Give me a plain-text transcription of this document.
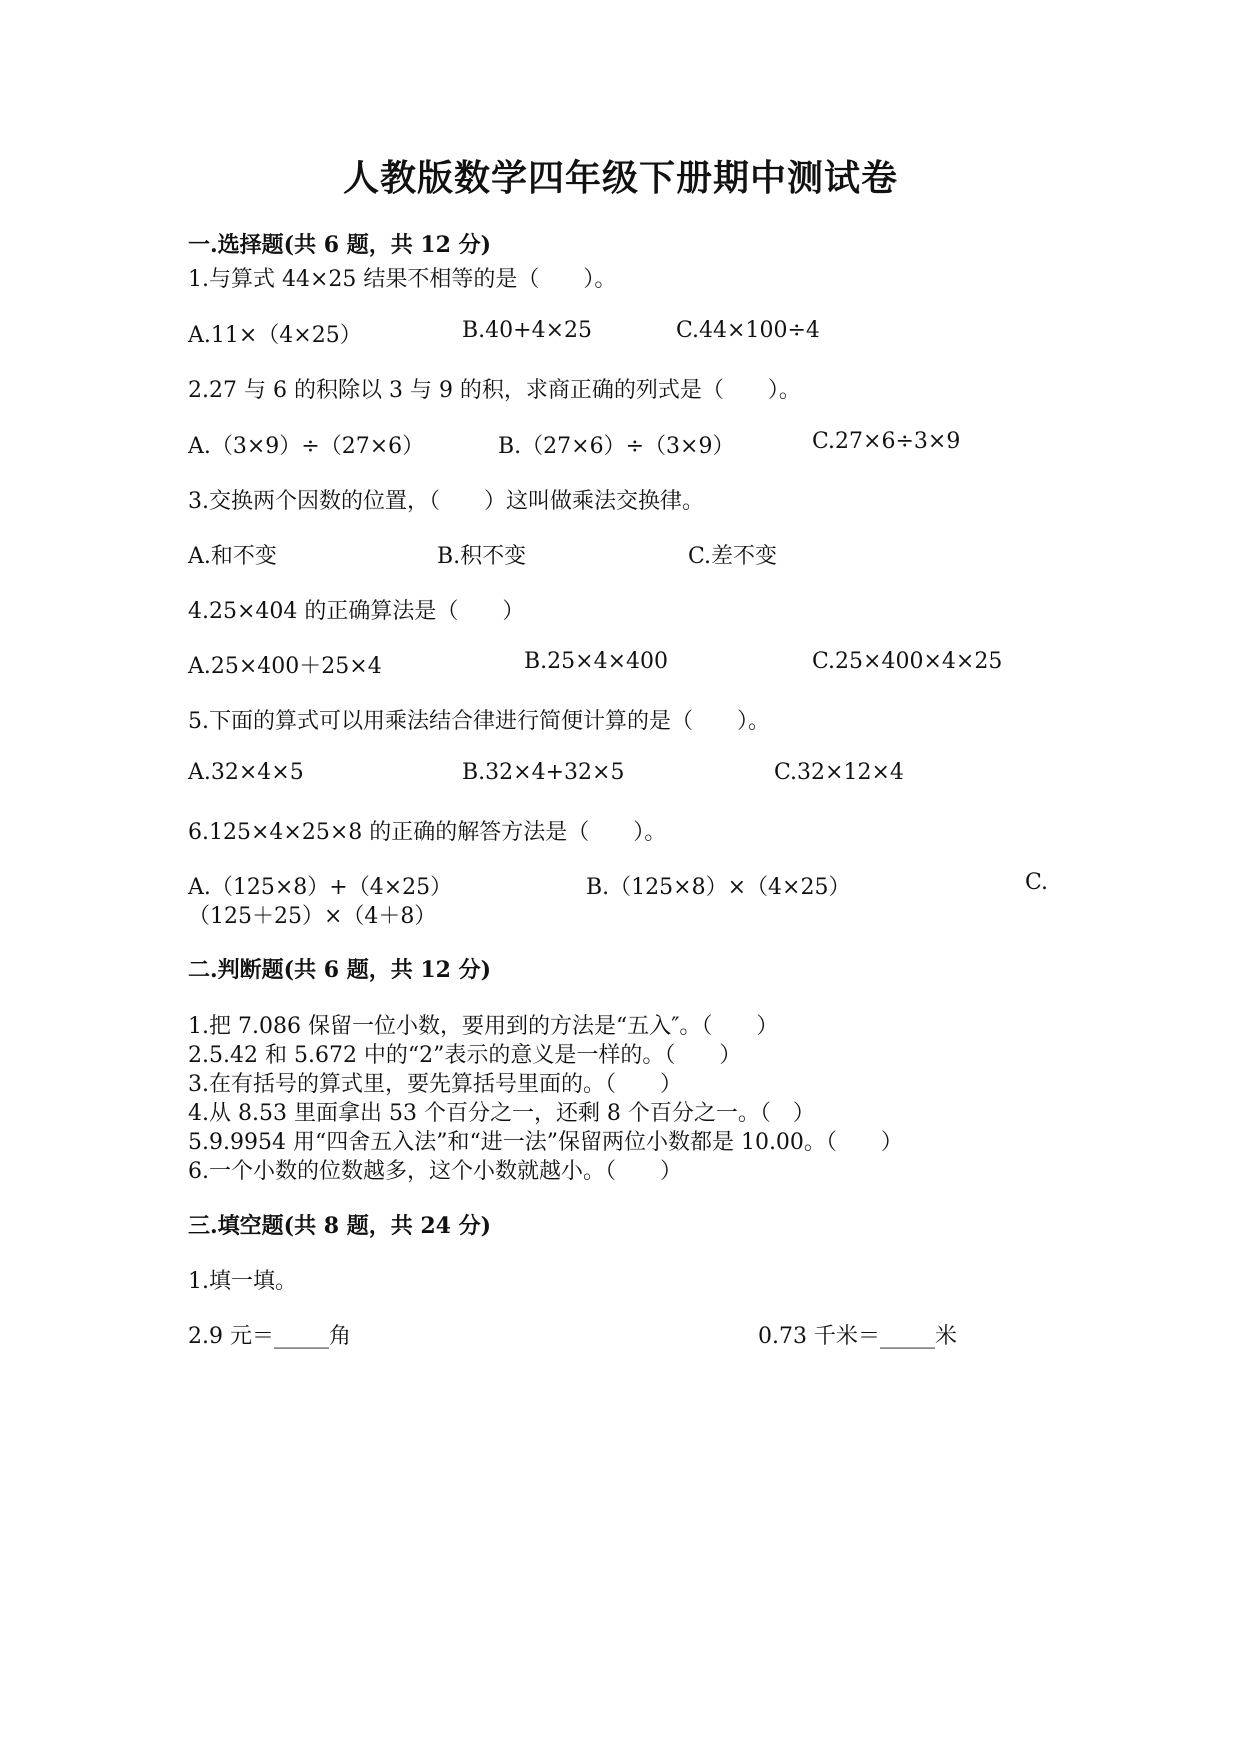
人教版数学四年级下册期中测试卷
一.选择题(共 6 题，共 12 分)
1.与算式 44×25 结果不相等的是（　　）。
A.11×（4×25）	B.40+4×25	C.44×100÷4
2.27 与 6 的积除以 3 与 9 的积，求商正确的列式是（　　）。
A.（3×9）÷（27×6）	B.（27×6）÷（3×9）	C.27×6÷3×9
3.交换两个因数的位置，（　　）这叫做乘法交换律。
A.和不变	B.积不变	C.差不变
4.25×404 的正确算法是（　　）
A.25×400＋25×4	B.25×4×400	C.25×400×4×25
5.下面的算式可以用乘法结合律进行简便计算的是（　　）。
A.32×4×5	B.32×4+32×5	C.32×12×4
6.125×4×25×8 的正确的解答方法是（　　）。
A.（125×8）+（4×25）	B.（125×8）×（4×25）	C.
（125＋25）×（4＋8）
二.判断题(共 6 题，共 12 分)
1.把 7.086 保留一位小数，要用到的方法是“五入″。（　　）
2.5.42 和 5.672 中的“2”表示的意义是一样的。（　　）
3.在有括号的算式里，要先算括号里面的。（　　）
4.从 8.53 里面拿出 53 个百分之一，还剩 8 个百分之一。（　）
5.9.9954 用“四舍五入法”和“进一法”保留两位小数都是 10.00。（　　）
6.一个小数的位数越多，这个小数就越小。（　　）
三.填空题(共 8 题，共 24 分)
1.填一填。
2.9 元＝_____角	0.73 千米＝_____米
